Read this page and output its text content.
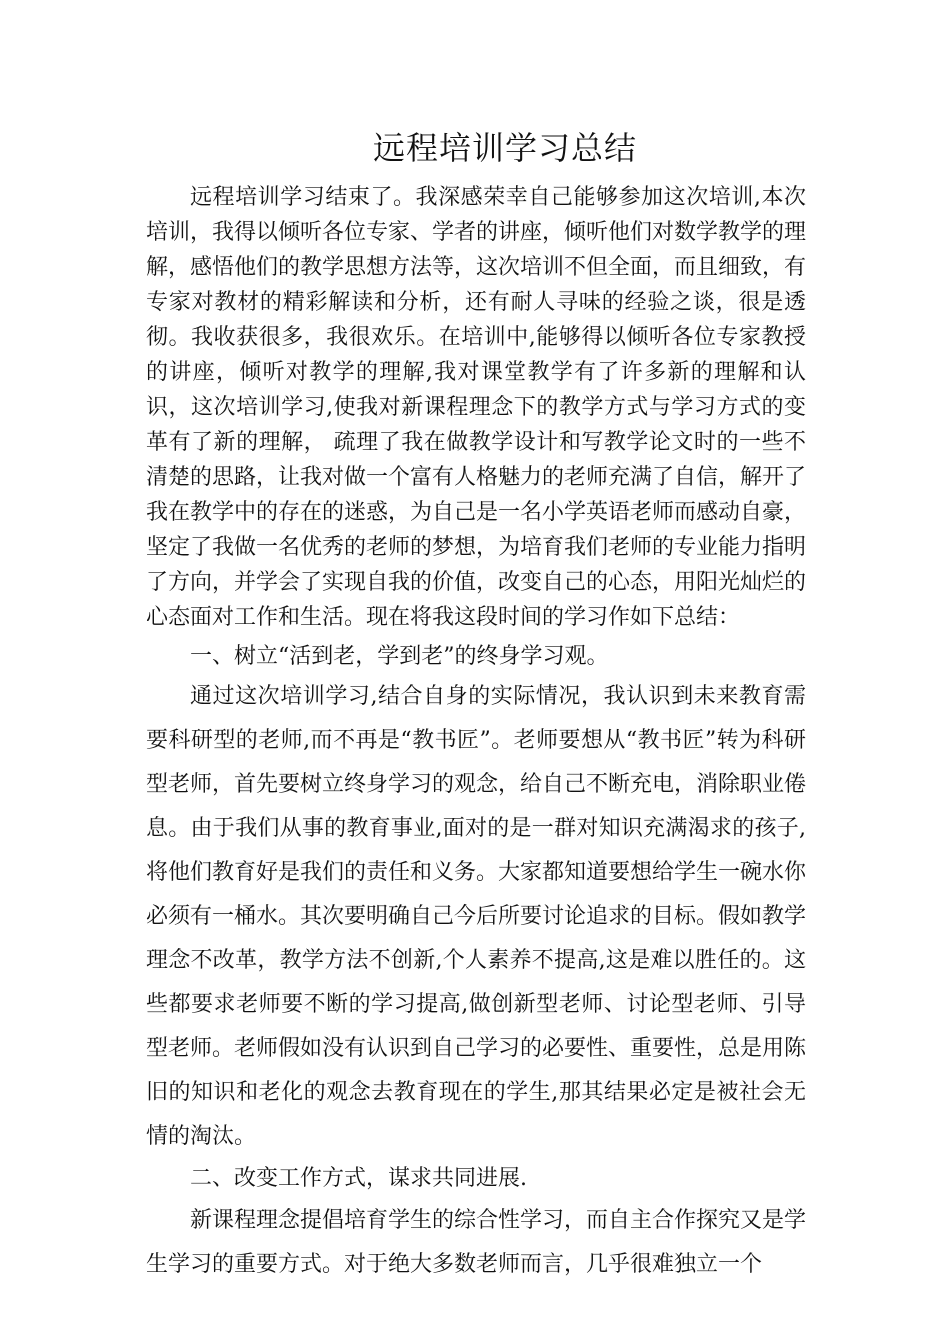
远程培训学习总结

远程培训学习结束了。我深感荣幸自己能够参加这次培训,本次培训，我得以倾听各位专家、学者的讲座，倾听他们对数学教学的理解，感悟他们的教学思想方法等，这次培训不但全面，而且细致，有专家对教材的精彩解读和分析，还有耐人寻味的经验之谈，很是透彻。我收获很多，我很欢乐。在培训中,能够得以倾听各位专家教授的讲座，倾听对教学的理解,我对课堂教学有了许多新的理解和认识，这次培训学习,使我对新课程理念下的教学方式与学习方式的变革有了新的理解， 疏理了我在做教学设计和写教学论文时的一些不清楚的思路，让我对做一个富有人格魅力的老师充满了自信，解开了我在教学中的存在的迷惑，为自己是一名小学英语老师而感动自豪，坚定了我做一名优秀的老师的梦想，为培育我们老师的专业能力指明了方向，并学会了实现自我的价值，改变自己的心态，用阳光灿烂的心态面对工作和生活。现在将我这段时间的学习作如下总结：

一、树立“活到老，学到老”的终身学习观。

通过这次培训学习,结合自身的实际情况，我认识到未来教育需要科研型的老师,而不再是“教书匠”。老师要想从“教书匠”转为科研型老师，首先要树立终身学习的观念，给自己不断充电，消除职业倦息。由于我们从事的教育事业,面对的是一群对知识充满渴求的孩子,将他们教育好是我们的责任和义务。大家都知道要想给学生一碗水你必须有一桶水。其次要明确自己今后所要讨论追求的目标。假如教学理念不改革，教学方法不创新,个人素养不提高,这是难以胜任的。这些都要求老师要不断的学习提高,做创新型老师、讨论型老师、引导型老师。老师假如没有认识到自己学习的必要性、重要性，总是用陈旧的知识和老化的观念去教育现在的学生,那其结果必定是被社会无情的淘汰。

二、改变工作方式，谋求共同进展.

新课程理念提倡培育学生的综合性学习，而自主合作探究又是学生学习的重要方式。对于绝大多数老师而言，几乎很难独立一个
